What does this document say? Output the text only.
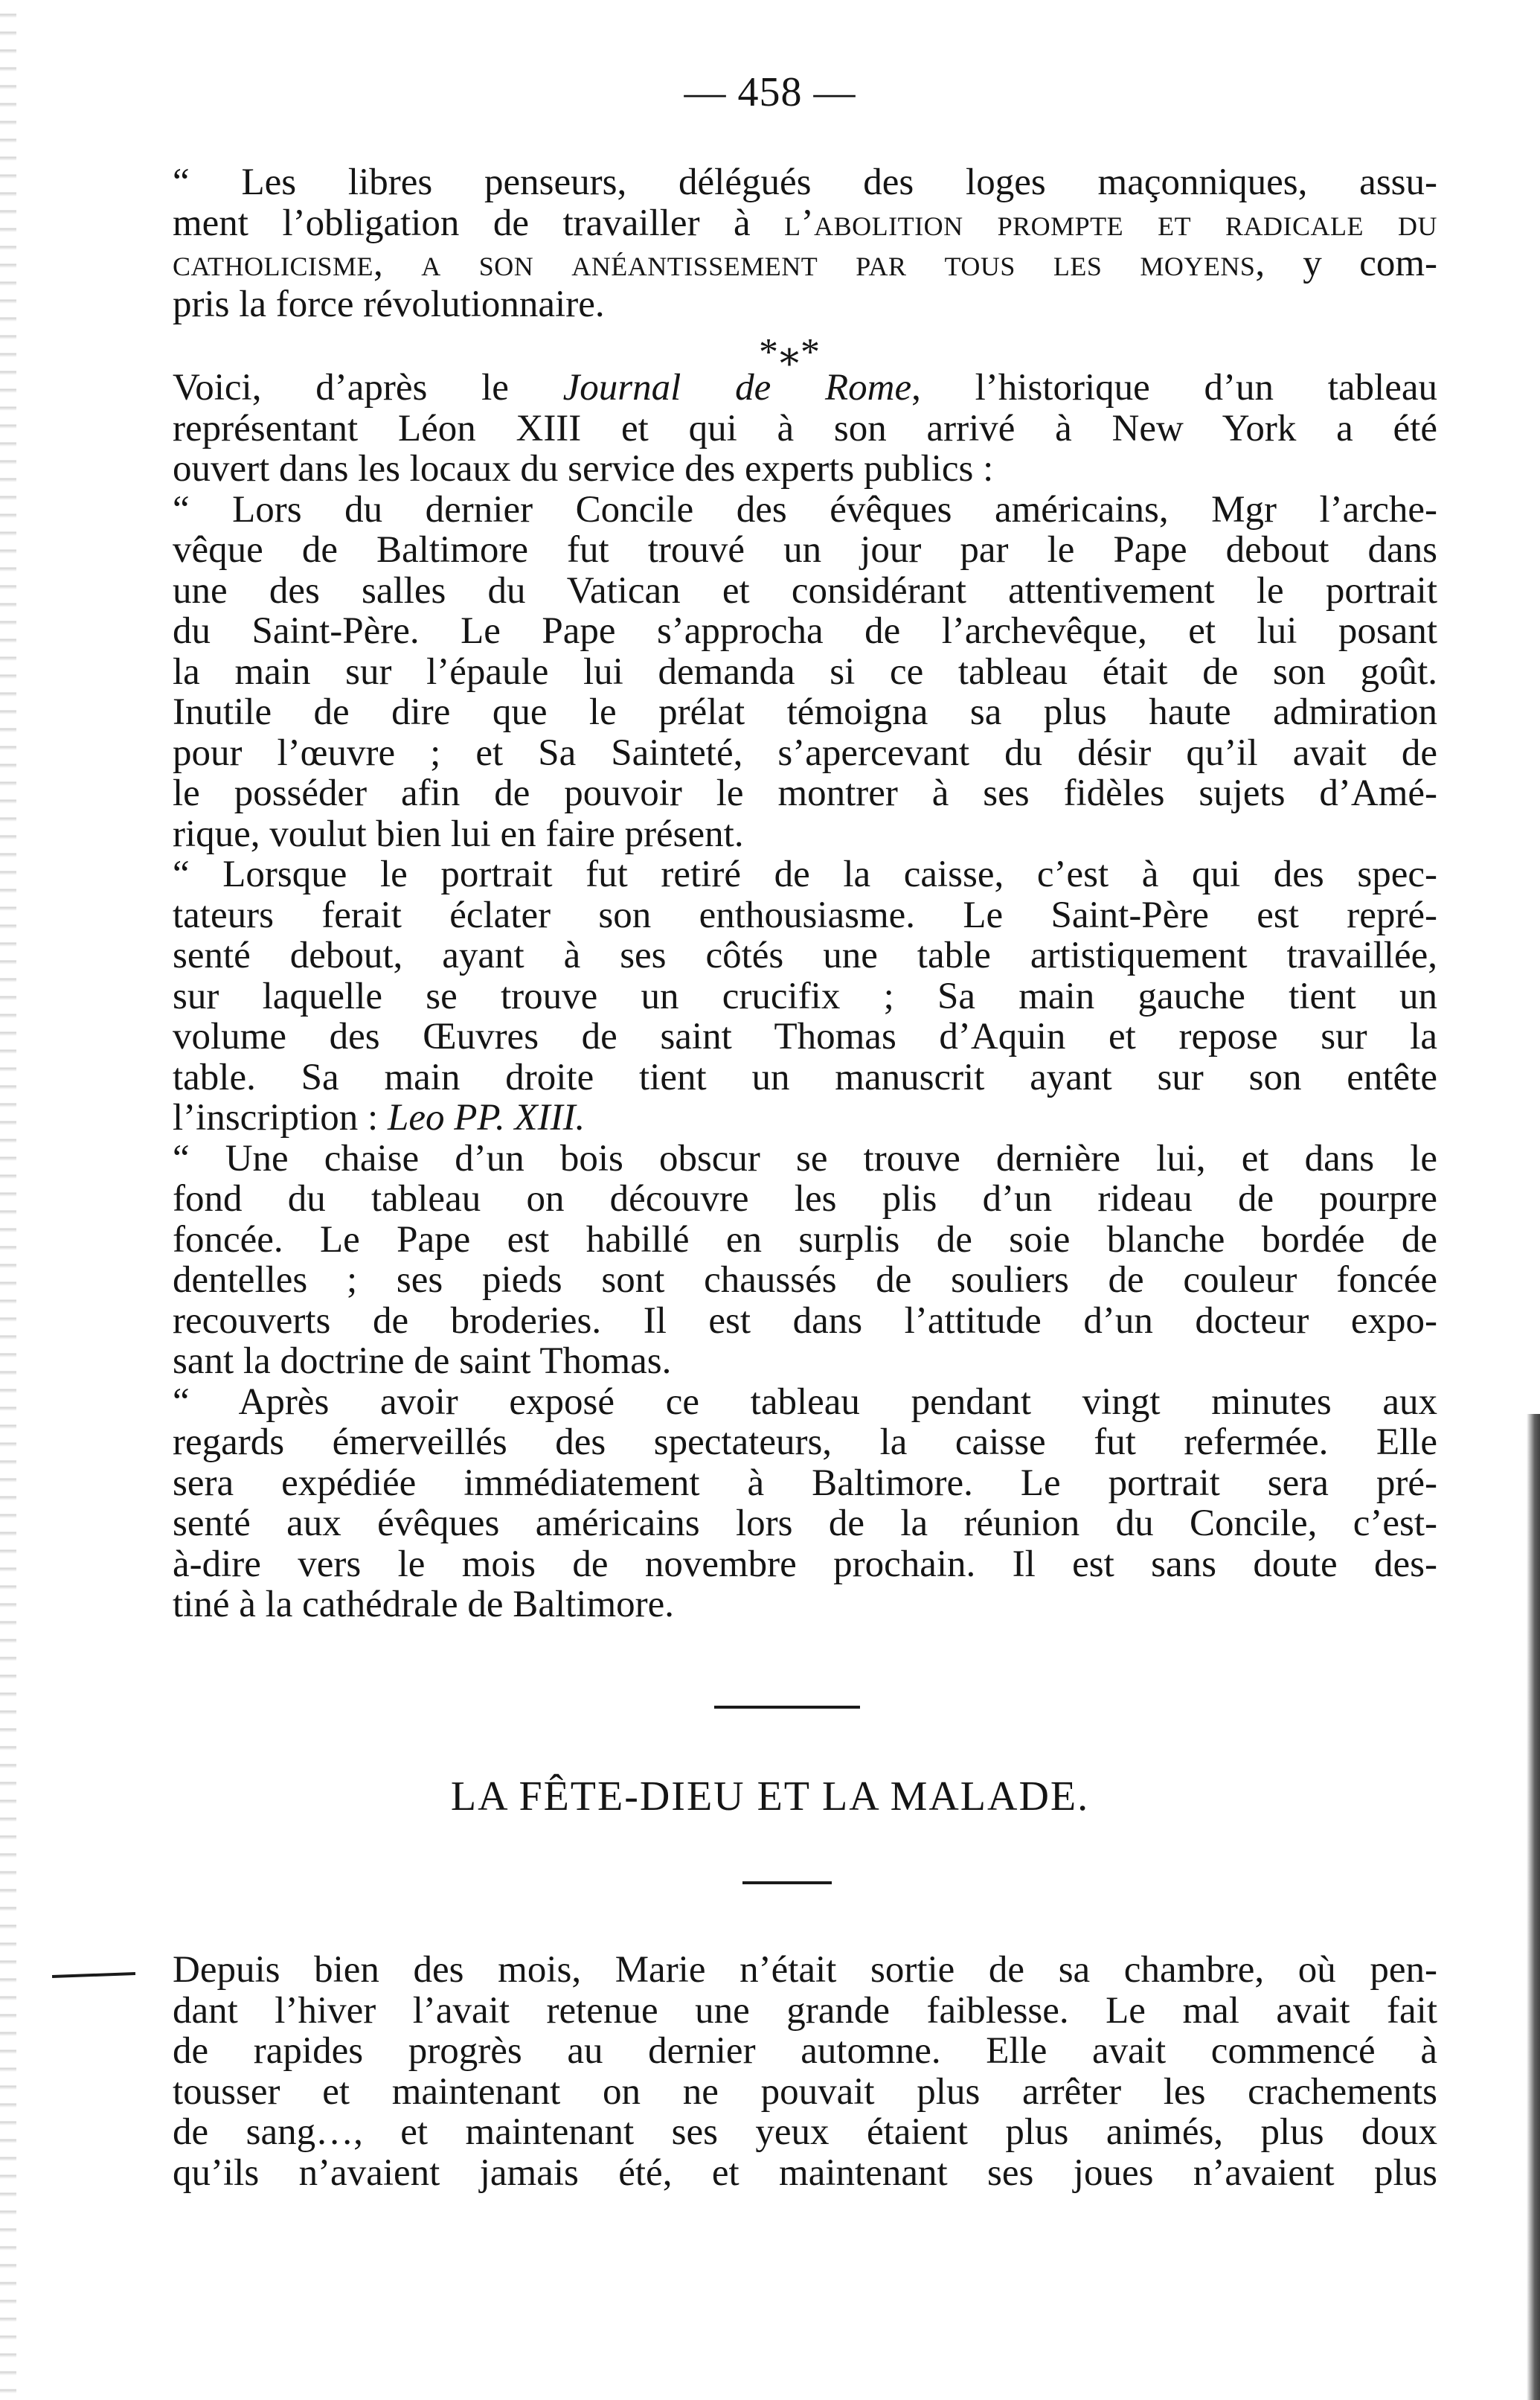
— 458 —
“ Les libres penseurs, délégués des loges maçonniques, assu-
ment l’obligation de travailler à l’abolition prompte et radicale du
catholicisme, a son anéantissement par tous les moyens, y com-
pris la force révolutionnaire.
*⁎*
Voici, d’après le Journal de Rome, l’historique d’un tableau
représentant Léon XIII et qui à son arrivé à New York a été
ouvert dans les locaux du service des experts publics :
“ Lors du dernier Concile des évêques américains, Mgr l’arche-
vêque de Baltimore fut trouvé un jour par le Pape debout dans
une des salles du Vatican et considérant attentivement le portrait
du Saint-Père. Le Pape s’approcha de l’archevêque, et lui posant
la main sur l’épaule lui demanda si ce tableau était de son goût.
Inutile de dire que le prélat témoigna sa plus haute admiration
pour l’œuvre ; et Sa Sainteté, s’apercevant du désir qu’il avait de
le posséder afin de pouvoir le montrer à ses fidèles sujets d’Amé-
rique, voulut bien lui en faire présent.
“ Lorsque le portrait fut retiré de la caisse, c’est à qui des spec-
tateurs ferait éclater son enthousiasme. Le Saint-Père est repré-
senté debout, ayant à ses côtés une table artistiquement travaillée,
sur laquelle se trouve un crucifix ; Sa main gauche tient un
volume des Œuvres de saint Thomas d’Aquin et repose sur la
table. Sa main droite tient un manuscrit ayant sur son entête
l’inscription : Leo PP. XIII.
“ Une chaise d’un bois obscur se trouve dernière lui, et dans le
fond du tableau on découvre les plis d’un rideau de pourpre
foncée. Le Pape est habillé en surplis de soie blanche bordée de
dentelles ; ses pieds sont chaussés de souliers de couleur foncée
recouverts de broderies. Il est dans l’attitude d’un docteur expo-
sant la doctrine de saint Thomas.
“ Après avoir exposé ce tableau pendant vingt minutes aux
regards émerveillés des spectateurs, la caisse fut refermée. Elle
sera expédiée immédiatement à Baltimore. Le portrait sera pré-
senté aux évêques américains lors de la réunion du Concile, c’est-
à-dire vers le mois de novembre prochain. Il est sans doute des-
tiné à la cathédrale de Baltimore.
LA FÊTE-DIEU ET LA MALADE.
Depuis bien des mois, Marie n’était sortie de sa chambre, où pen-
dant l’hiver l’avait retenue une grande faiblesse. Le mal avait fait
de rapides progrès au dernier automne. Elle avait commencé à
tousser et maintenant on ne pouvait plus arrêter les crachements
de sang…, et maintenant ses yeux étaient plus animés, plus doux
qu’ils n’avaient jamais été, et maintenant ses joues n’avaient plus
